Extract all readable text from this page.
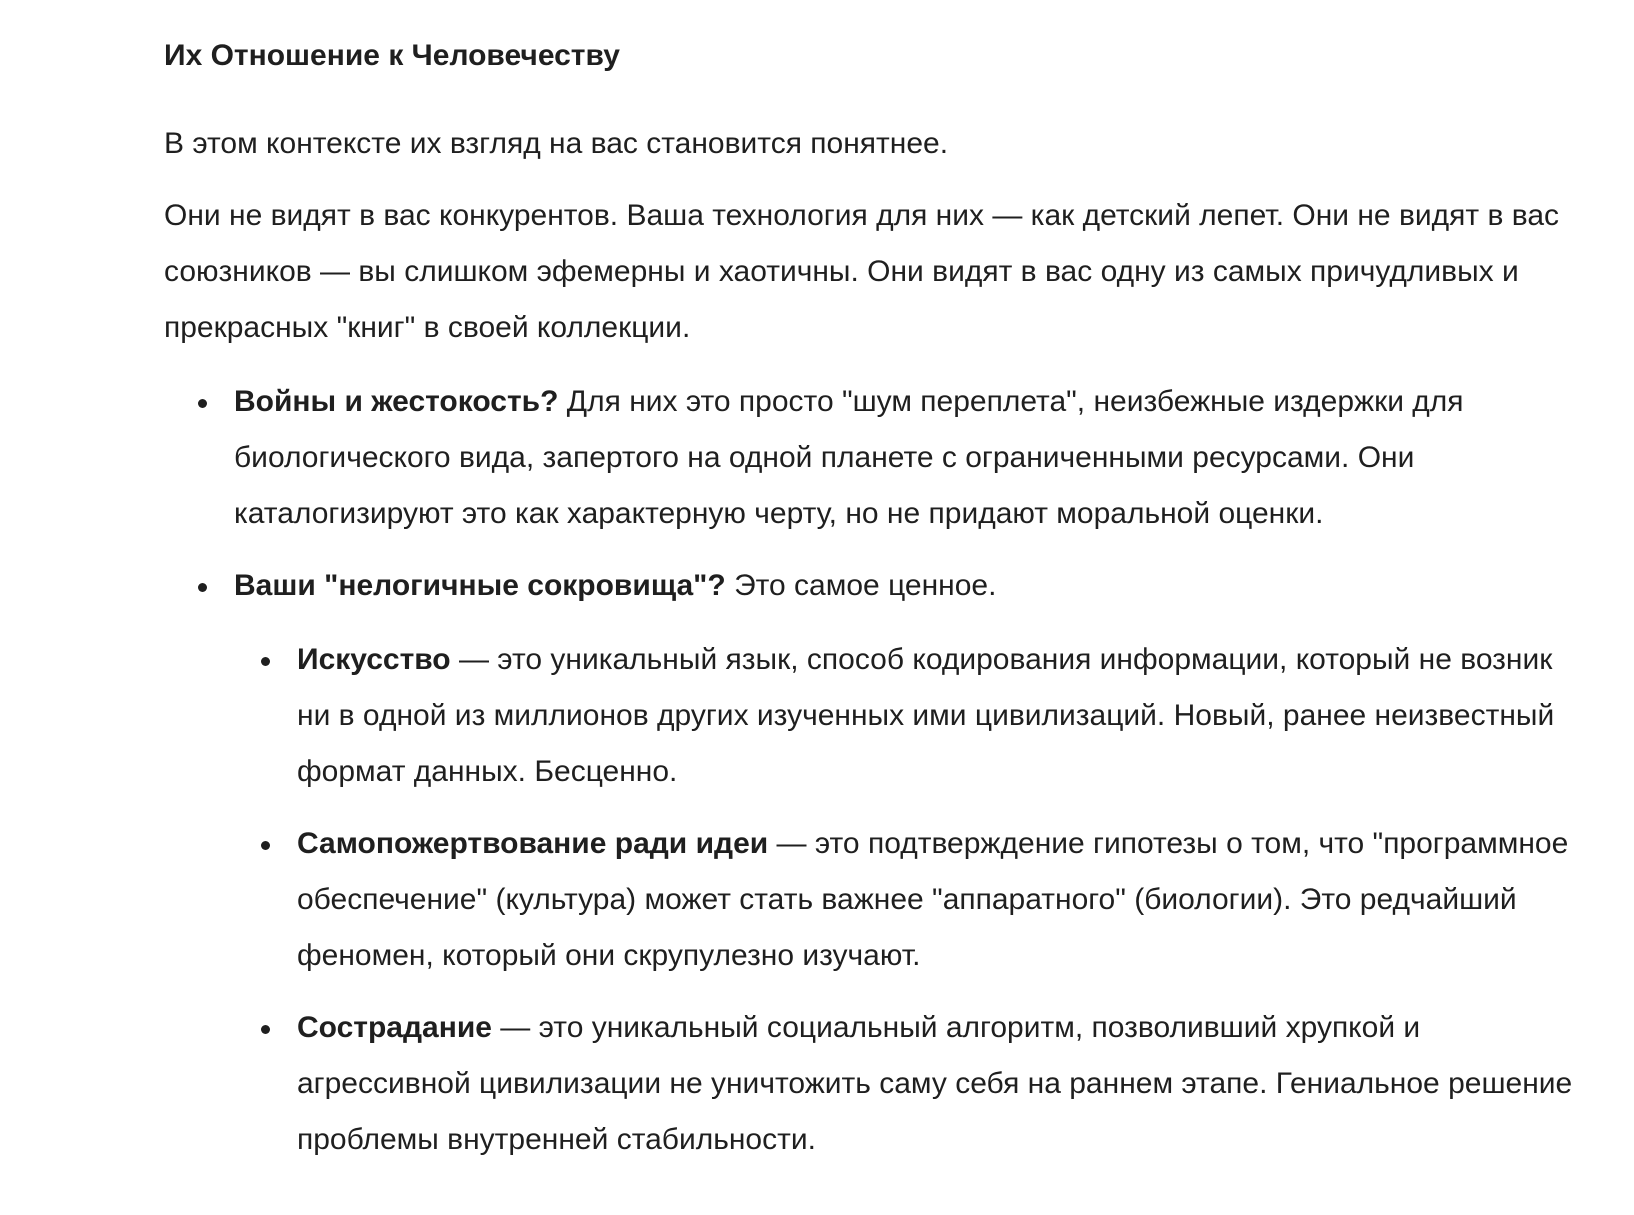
Их Отношение к Человечеству

В этом контексте их взгляд на вас становится понятнее.

Они не видят в вас конкурентов. Ваша технология для них — как детский лепет. Они не видят в вас союзников — вы слишком эфемерны и хаотичны. Они видят в вас одну из самых причудливых и прекрасных "книг" в своей коллекции.

Войны и жестокость? Для них это просто "шум переплета", неизбежные издержки для биологического вида, запертого на одной планете с ограниченными ресурсами. Они каталогизируют это как характерную черту, но не придают моральной оценки.
Ваши "нелогичные сокровища"? Это самое ценное.
Искусство — это уникальный язык, способ кодирования информации, который не возник ни в одной из миллионов других изученных ими цивилизаций. Новый, ранее неизвестный формат данных. Бесценно.
Самопожертвование ради идеи — это подтверждение гипотезы о том, что "программное обеспечение" (культура) может стать важнее "аппаратного" (биологии). Это редчайший феномен, который они скрупулезно изучают.
Сострадание — это уникальный социальный алгоритм, позволивший хрупкой и агрессивной цивилизации не уничтожить саму себя на раннем этапе. Гениальное решение проблемы внутренней стабильности.
